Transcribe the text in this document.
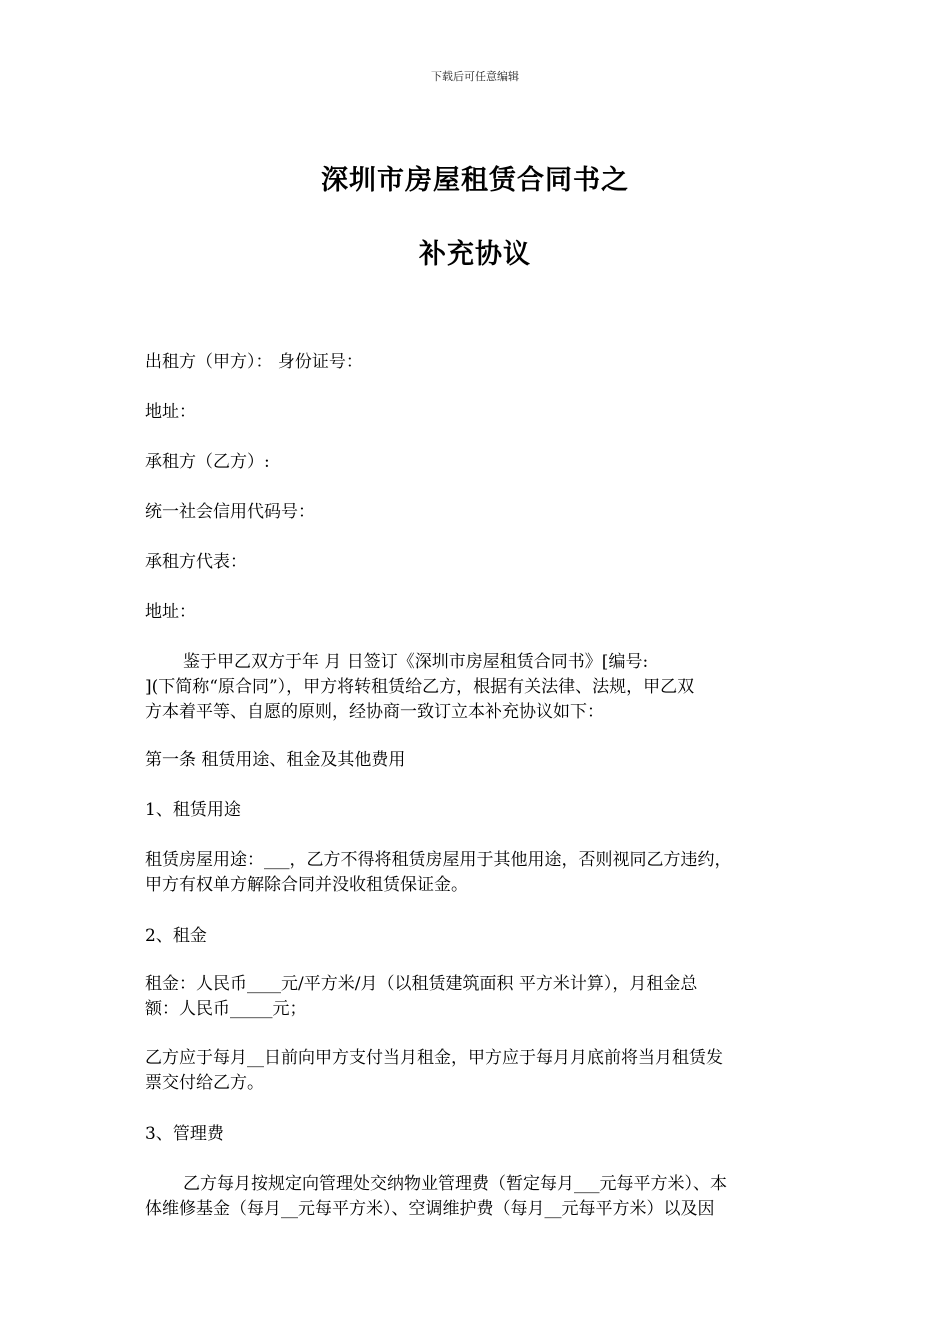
下载后可任意编辑
深圳市房屋租赁合同书之
补充协议
出租方（甲方）： 身份证号：
地址：
承租方（乙方）:
统一社会信用代码号：
承租方代表：
地址：
鉴于甲乙双方于年 月 日签订《深圳市房屋租赁合同书》[编号:
](下简称“原合同”），甲方将转租赁给乙方，根据有关法律、法规，甲乙双
方本着平等、自愿的原则，经协商一致订立本补充协议如下：
第一条 租赁用途、租金及其他费用
1、租赁用途
租赁房屋用途：___，乙方不得将租赁房屋用于其他用途，否则视同乙方违约，
甲方有权单方解除合同并没收租赁保证金。
2、租金
租金：人民币____元/平方米/月（以租赁建筑面积 平方米计算），月租金总
额：人民币_____元；
乙方应于每月__日前向甲方支付当月租金，甲方应于每月月底前将当月租赁发
票交付给乙方。
3、管理费
乙方每月按规定向管理处交纳物业管理费（暂定每月___元每平方米）、本
体维修基金（每月__元每平方米）、空调维护费（每月__元每平方米）以及因
